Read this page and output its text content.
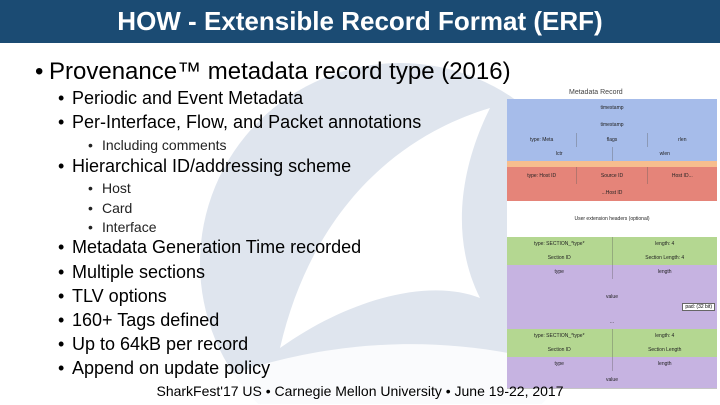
HOW - Extensible Record Format (ERF)
• Provenance™ metadata record type (2016)
• Periodic and Event Metadata
• Per-Interface, Flow, and Packet annotations
• Including comments
• Hierarchical ID/addressing scheme
• Host
• Card
• Interface
• Metadata Generation Time recorded
• Multiple sections
• TLV options
• 160+ Tags defined
• Up to 64kB per record
• Append on update policy
Metadata Record
timestamp
timestamp
type: Meta	flags	rlen
lctr	wlen
type: Host ID	Source ID	Host ID...
...Host ID
User extension headers (optional)
type: SECTION_*type*	length: 4
Section ID	Section Length: 4
type	length
value
pad: (32 bit)
...
type: SECTION_*type*	length: 4
Section ID	Section Length
type	length
value
SharkFest'17 US • Carnegie Mellon University • June 19-22, 2017
